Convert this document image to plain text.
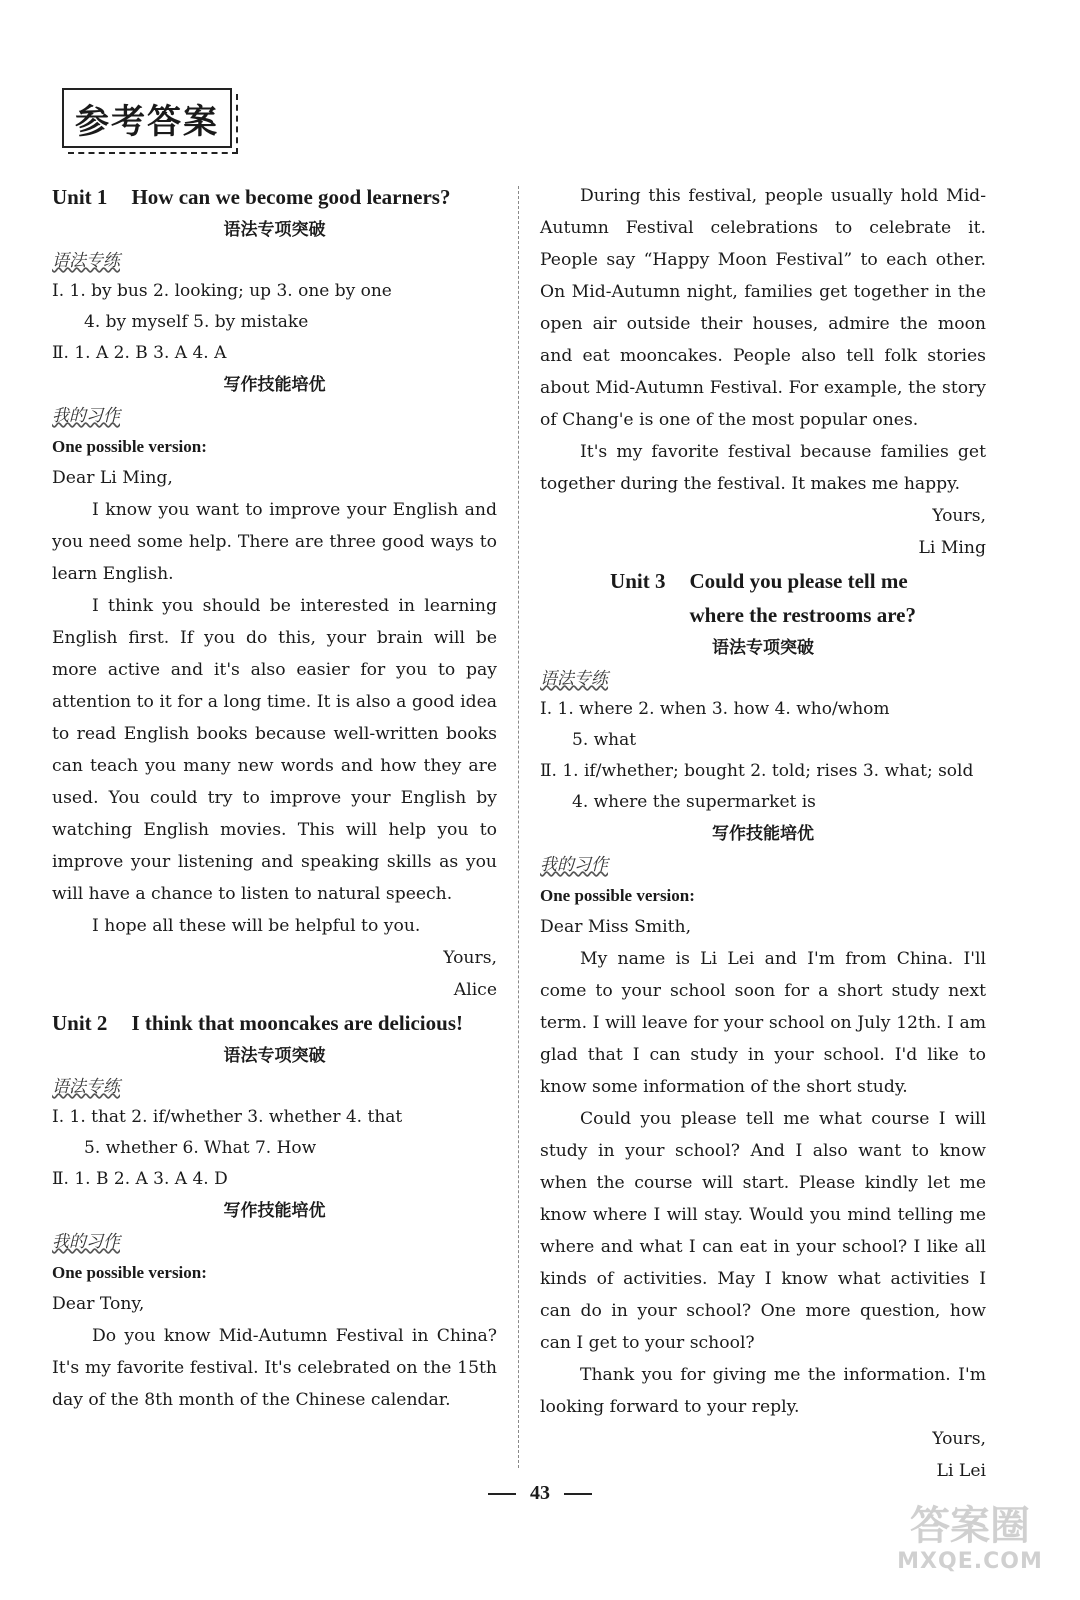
参考答案
Unit 1 How can we become good learners?
语法专项突破
语法专练
Ⅰ. 1. by bus 2. looking; up 3. one by one
4. by myself 5. by mistake
Ⅱ. 1. A 2. B 3. A 4. A
写作技能培优
我的习作
One possible version:
Dear Li Ming,
I know you want to improve your English and you need some help. There are three good ways to learn English.
I think you should be interested in learning English first. If you do this, your brain will be more active and it's also easier for you to pay attention to it for a long time. It is also a good idea to read English books because well-written books can teach you many new words and how they are used. You could try to improve your English by watching English movies. This will help you to improve your listening and speaking skills as you will have a chance to listen to natural speech.
I hope all these will be helpful to you.
Yours,
Alice
Unit 2 I think that mooncakes are delicious!
语法专项突破
语法专练
Ⅰ. 1. that 2. if/whether 3. whether 4. that
5. whether 6. What 7. How
Ⅱ. 1. B 2. A 3. A 4. D
写作技能培优
我的习作
One possible version:
Dear Tony,
Do you know Mid-Autumn Festival in China? It's my favorite festival. It's celebrated on the 15th day of the 8th month of the Chinese calendar.
During this festival, people usually hold Mid-Autumn Festival celebrations to celebrate it. People say “Happy Moon Festival” to each other. On Mid-Autumn night, families get together in the open air outside their houses, admire the moon and eat mooncakes. People also tell folk stories about Mid-Autumn Festival. For example, the story of Chang'e is one of the most popular ones.
It's my favorite festival because families get together during the festival. It makes me happy.
Yours,
Li Ming
Unit 3 Could you please tell me
where the restrooms are?
语法专项突破
语法专练
Ⅰ. 1. where 2. when 3. how 4. who/whom
5. what
Ⅱ. 1. if/whether; bought 2. told; rises 3. what; sold
4. where the supermarket is
写作技能培优
我的习作
One possible version:
Dear Miss Smith,
My name is Li Lei and I'm from China. I'll come to your school soon for a short study next term. I will leave for your school on July 12th. I am glad that I can study in your school. I'd like to know some information of the short study.
Could you please tell me what course I will study in your school? And I also want to know when the course will start. Please kindly let me know where I will stay. Would you mind telling me where and what I can eat in your school? I like all kinds of activities. May I know what activities I can do in your school? One more question, how can I get to your school?
Thank you for giving me the information. I'm looking forward to your reply.
Yours,
Li Lei
43
答案圈
MXQE.COM
